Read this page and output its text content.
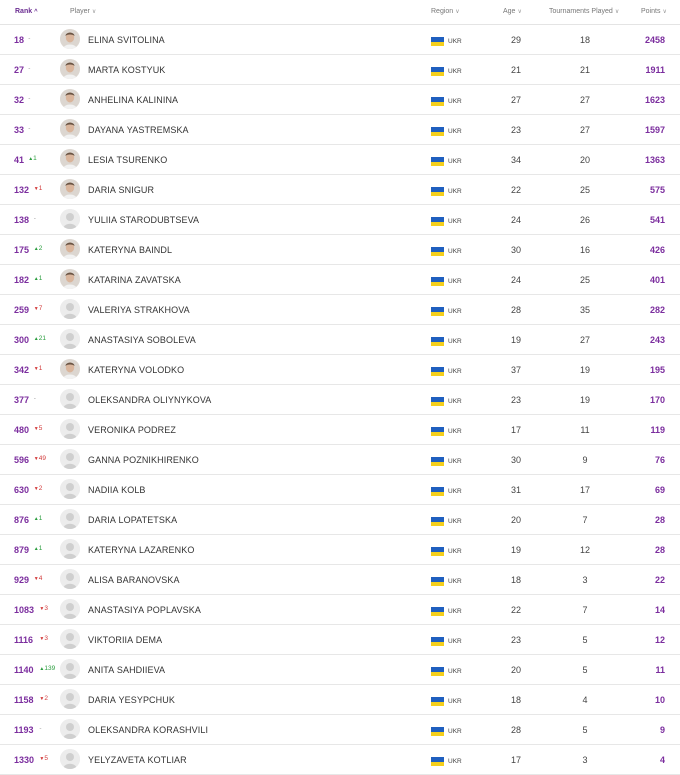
Rank ^	Player ∨	Region ∨	Age ∨	Tournaments Played ∨	Points ∨
18 -	ELINA SVITOLINA	UKR	29	18	2458
27 -	MARTA KOSTYUK	UKR	21	21	1911
32 -	ANHELINA KALININA	UKR	27	27	1623
33 -	DAYANA YASTREMSKA	UKR	23	27	1597
41 ▲1	LESIA TSURENKO	UKR	34	20	1363
132 ▼1	DARIA SNIGUR	UKR	22	25	575
138 -	YULIIA STARODUBTSEVA	UKR	24	26	541
175 ▲2	KATERYNA BAINDL	UKR	30	16	426
182 ▲1	KATARINA ZAVATSKA	UKR	24	25	401
259 ▼7	VALERIYA STRAKHOVA	UKR	28	35	282
300 ▲21	ANASTASIYA SOBOLEVA	UKR	19	27	243
342 ▼1	KATERYNA VOLODKO	UKR	37	19	195
377 -	OLEKSANDRA OLIYNYKOVA	UKR	23	19	170
480 ▼5	VERONIKA PODREZ	UKR	17	11	119
596 ▼49	GANNA POZNIKHIRENKO	UKR	30	9	76
630 ▼2	NADIIA KOLB	UKR	31	17	69
876 ▲1	DARIA LOPATETSKA	UKR	20	7	28
879 ▲1	KATERYNA LAZARENKO	UKR	19	12	28
929 ▼4	ALISA BARANOVSKA	UKR	18	3	22
1083 ▼3	ANASTASIYA POPLAVSKA	UKR	22	7	14
1116 ▼3	VIKTORIIA DEMA	UKR	23	5	12
1140 ▲139	ANITA SAHDIIEVA	UKR	20	5	11
1158 ▼2	DARIA YESYPCHUK	UKR	18	4	10
1193 -	OLEKSANDRA KORASHVILI	UKR	28	5	9
1330 ▼5	YELYZAVETA KOTLIAR	UKR	17	3	4
